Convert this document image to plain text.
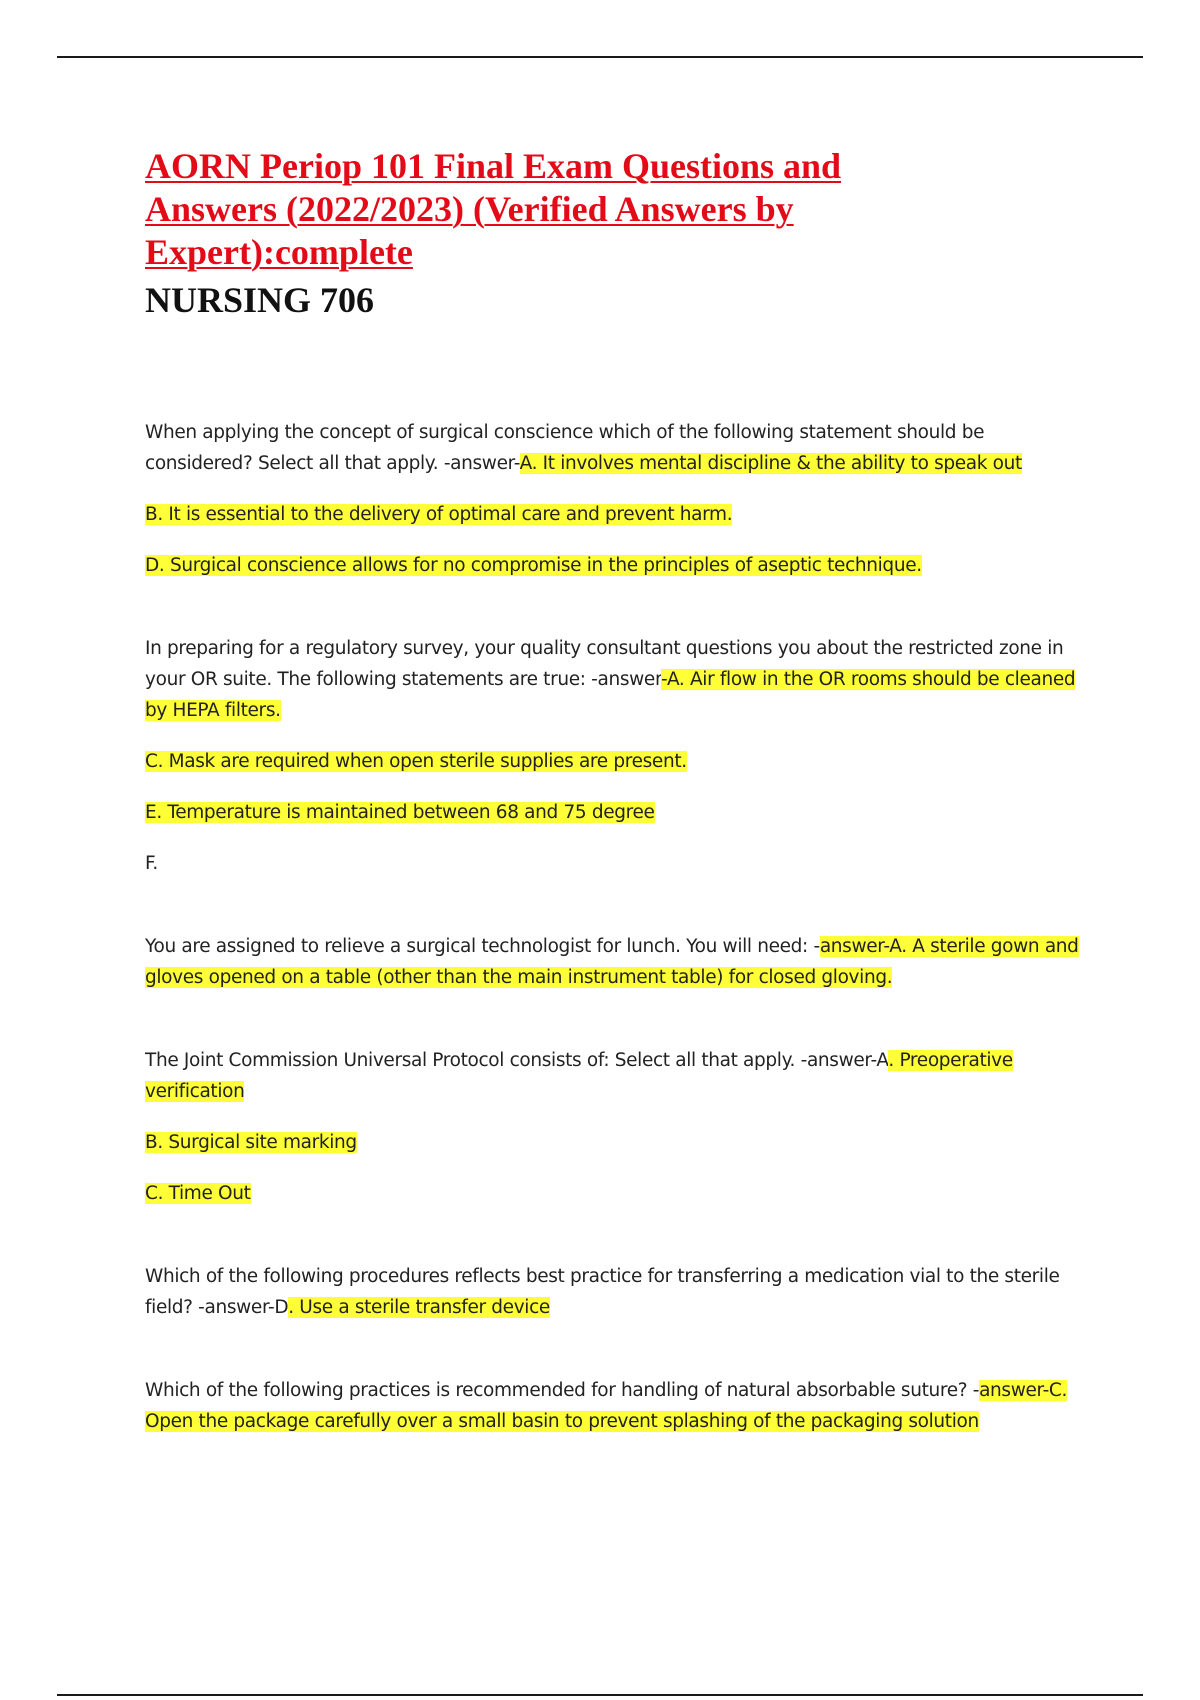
AORN Periop 101 Final Exam Questions and Answers (2022/2023) (Verified Answers by Expert):complete
NURSING 706

When applying the concept of surgical conscience which of the following statement should be considered? Select all that apply. -answer-A. It involves mental discipline & the ability to speak out

B. It is essential to the delivery of optimal care and prevent harm.

D. Surgical conscience allows for no compromise in the principles of aseptic technique.

In preparing for a regulatory survey, your quality consultant questions you about the restricted zone in your OR suite. The following statements are true: -answer-A. Air flow in the OR rooms should be cleaned by HEPA filters.

C. Mask are required when open sterile supplies are present.

E. Temperature is maintained between 68 and 75 degree

F.

You are assigned to relieve a surgical technologist for lunch. You will need: -answer-A. A sterile gown and gloves opened on a table (other than the main instrument table) for closed gloving.

The Joint Commission Universal Protocol consists of: Select all that apply. -answer-A. Preoperative verification

B. Surgical site marking

C. Time Out

Which of the following procedures reflects best practice for transferring a medication vial to the sterile field? -answer-D. Use a sterile transfer device

Which of the following practices is recommended for handling of natural absorbable suture? -answer-C. Open the package carefully over a small basin to prevent splashing of the packaging solution
